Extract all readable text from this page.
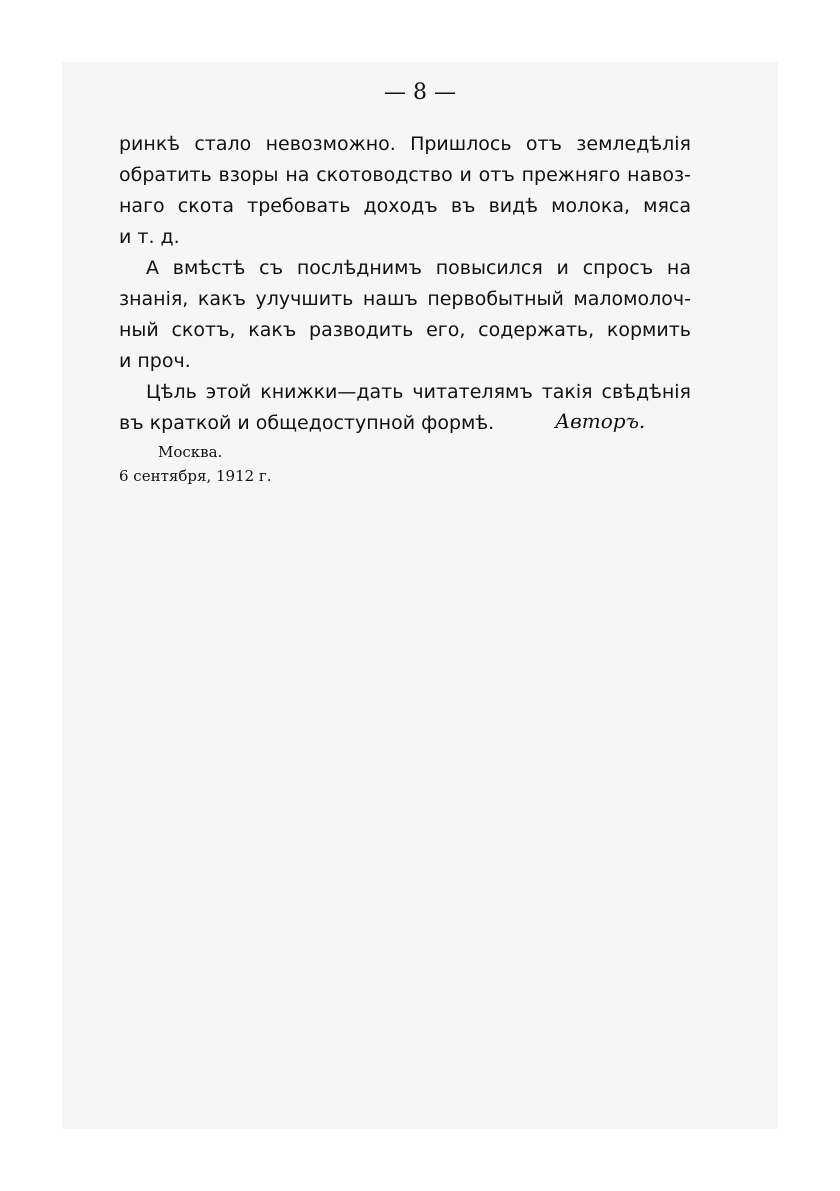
— 8 —
ринкѣ стало невозможно. Пришлось отъ земледѣлія
обратить взоры на скотоводство и отъ прежняго навоз-
наго скота требовать доходъ въ видѣ молока, мяса
и т. д.
А вмѣстѣ съ послѣднимъ повысился и спросъ на
знанія, какъ улучшить нашъ первобытный маломолоч-
ный скотъ, какъ разводить его, содержать, кормить
и проч.
Цѣль этой книжки—дать читателямъ такія свѣдѣнія
въ краткой и общедоступной формѣ.	Авторъ.
Москва.
6 сентября, 1912 г.
